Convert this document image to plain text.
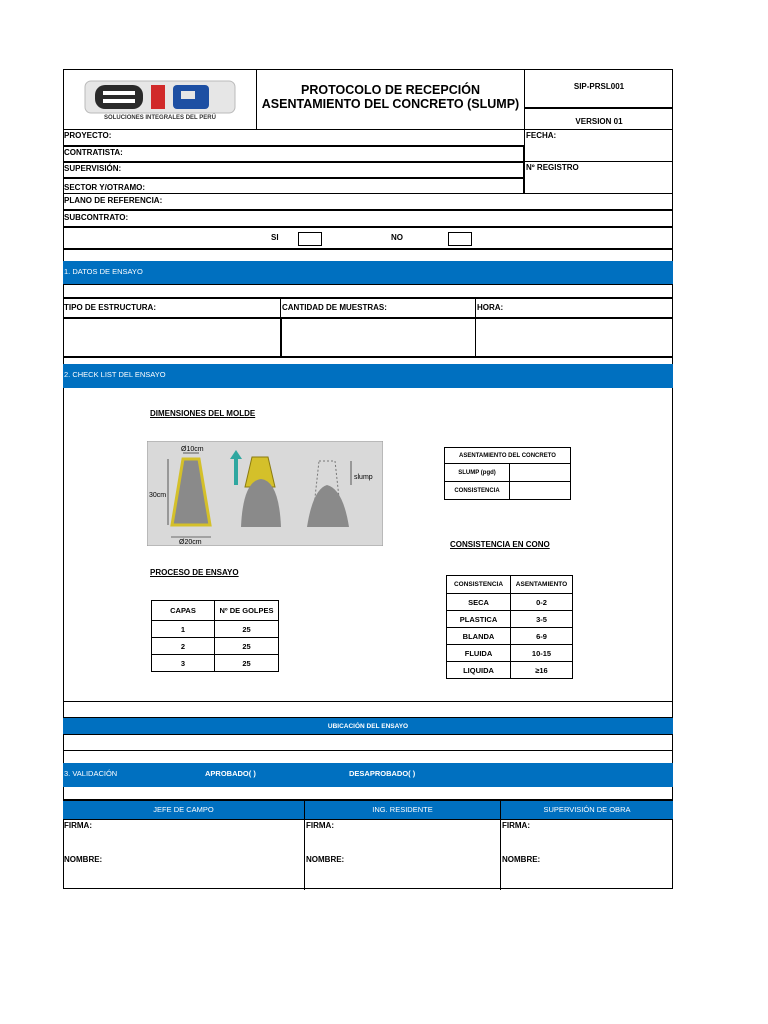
SOLUCIONES INTEGRALES DEL PERÚ
SIP
PROTOCOLO DE RECEPCIÓN
ASENTAMIENTO DEL CONCRETO (SLUMP)
SIP-PRSL001
VERSION 01
PROYECTO:
CONTRATISTA:
SUPERVISIÓN:
SECTOR Y/OTRAMO:
FECHA:
Nº REGISTRO
PLANO DE REFERENCIA:
SUBCONTRATO:
SI	NO
1. DATOS DE ENSAYO
TIPO DE ESTRUCTURA:	CANTIDAD DE MUESTRAS:	HORA:
2. CHECK LIST DEL ENSAYO
DIMENSIONES DEL MOLDE
Ø10cm
30cm
Ø20cm
slump
ASENTAMIENTO DEL CONCRETO	
SLUMP (pgd)	
CONSISTENCIA	
CONSISTENCIA EN CONO
CONSISTENCIA	ASENTAMIENTO
SECA	0-2
PLASTICA	3-5
BLANDA	6-9
FLUIDA	10-15
LIQUIDA	≥16
PROCESO DE ENSAYO
CAPAS	Nº DE GOLPES
1	25
2	25
3	25
UBICACIÓN DEL ENSAYO
3. VALIDACIÓN	APROBADO( )	DESAPROBADO( )
JEFE DE CAMPO	ING. RESIDENTE	SUPERVISIÓN DE OBRA
FIRMA:
NOMBRE:
FIRMA:
NOMBRE:
FIRMA:
NOMBRE:
